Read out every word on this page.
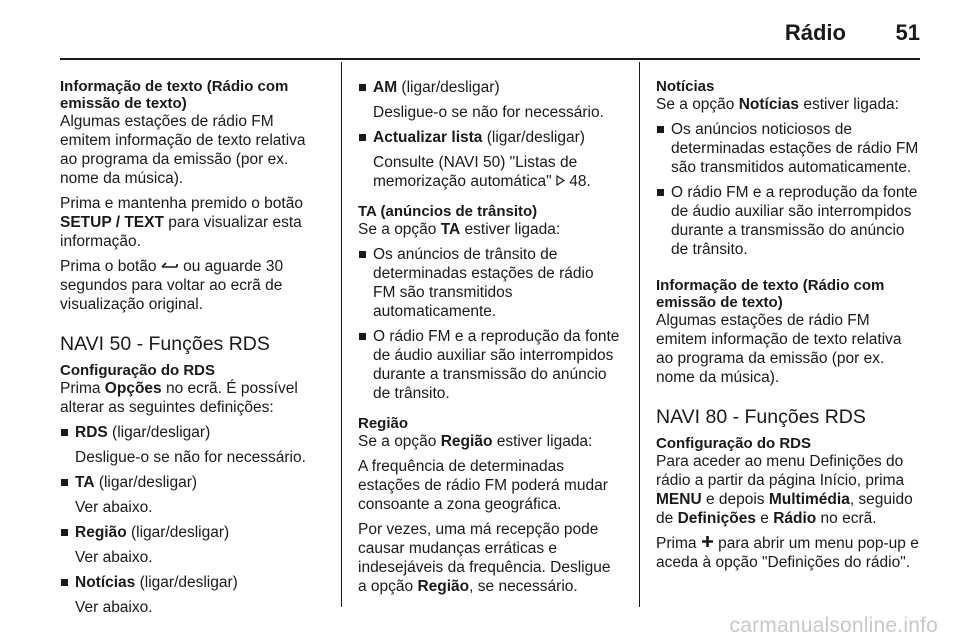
Rádio 51
Informação de texto (Rádio com emissão de texto)
Algumas estações de rádio FM emitem informação de texto relativa ao programa da emissão (por ex. nome da música).
Prima e mantenha premido o botão SETUP / TEXT para visualizar esta informação.
Prima o botão  ou aguarde 30 segundos para voltar ao ecrã de visualização original.
NAVI 50 - Funções RDS
Configuração do RDS
Prima Opções no ecrã. É possível alterar as seguintes definições:
RDS (ligar/desligar)
Desligue-o se não for necessário.
TA (ligar/desligar)
Ver abaixo.
Região (ligar/desligar)
Ver abaixo.
Notícias (ligar/desligar)
Ver abaixo.
AM (ligar/desligar)
Desligue-o se não for necessário.
Actualizar lista (ligar/desligar)
Consulte (NAVI 50) "Listas de memorização automática"  48.
TA (anúncios de trânsito)
Se a opção TA estiver ligada:
Os anúncios de trânsito de determinadas estações de rádio FM são transmitidos automaticamente.
O rádio FM e a reprodução da fonte de áudio auxiliar são interrompidos durante a transmissão do anúncio de trânsito.
Região
Se a opção Região estiver ligada:
A frequência de determinadas estações de rádio FM poderá mudar consoante a zona geográfica.
Por vezes, uma má recepção pode causar mudanças erráticas e indesejáveis da frequência. Desligue a opção Região, se necessário.
Notícias
Se a opção Notícias estiver ligada:
Os anúncios noticiosos de determinadas estações de rádio FM são transmitidos automaticamente.
O rádio FM e a reprodução da fonte de áudio auxiliar são interrompidos durante a transmissão do anúncio de trânsito.
Informação de texto (Rádio com emissão de texto)
Algumas estações de rádio FM emitem informação de texto relativa ao programa da emissão (por ex. nome da música).
NAVI 80 - Funções RDS
Configuração do RDS
Para aceder ao menu Definições do rádio a partir da página Início, prima MENU e depois Multimédia, seguido de Definições e Rádio no ecrã.
Prima  para abrir um menu pop-up e aceda à opção "Definições do rádio".
carmanualsonline.info
